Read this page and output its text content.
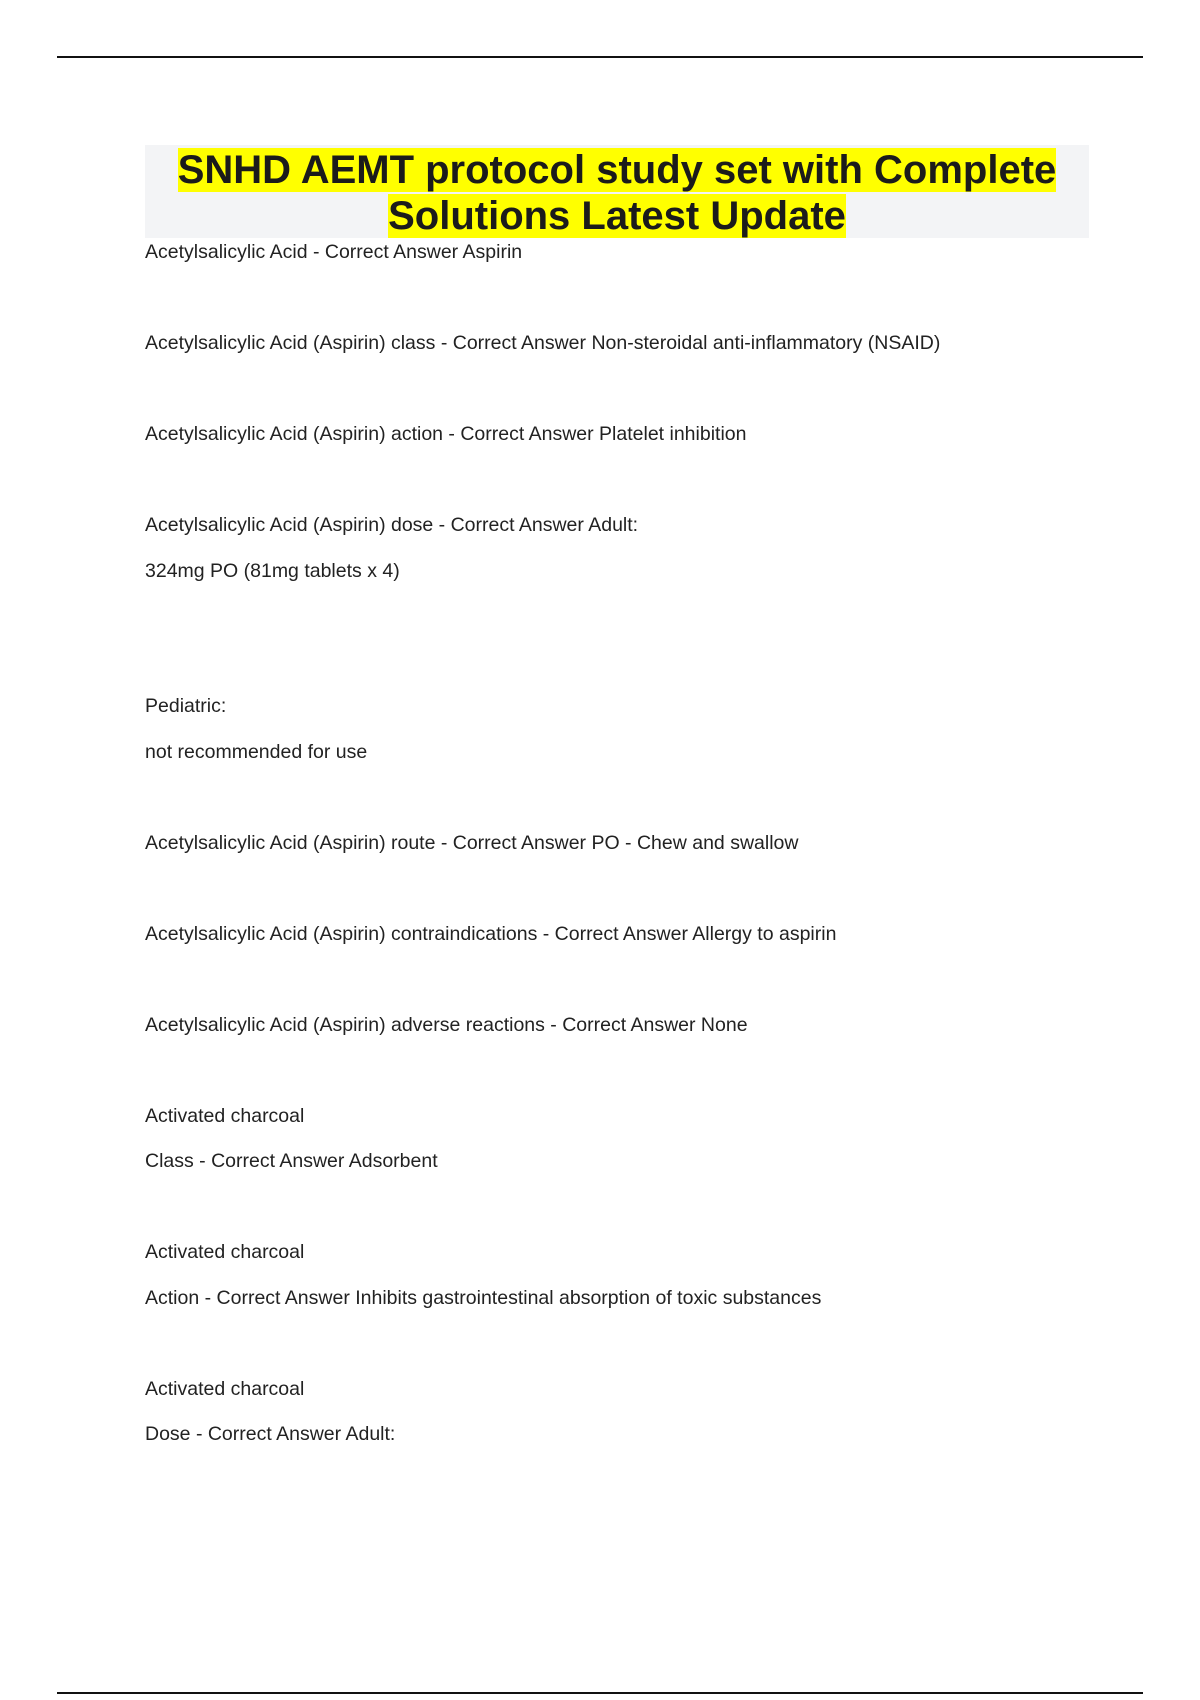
SNHD AEMT protocol study set with Complete
Solutions Latest Update

Acetylsalicylic Acid - Correct Answer Aspirin

Acetylsalicylic Acid (Aspirin) class - Correct Answer Non-steroidal anti-inflammatory (NSAID)

Acetylsalicylic Acid (Aspirin) action - Correct Answer Platelet inhibition

Acetylsalicylic Acid (Aspirin) dose - Correct Answer Adult:

324mg PO (81mg tablets x 4)

Pediatric:

not recommended for use

Acetylsalicylic Acid (Aspirin) route - Correct Answer PO - Chew and swallow

Acetylsalicylic Acid (Aspirin) contraindications - Correct Answer Allergy to aspirin

Acetylsalicylic Acid (Aspirin) adverse reactions - Correct Answer None

Activated charcoal

Class - Correct Answer Adsorbent

Activated charcoal

Action - Correct Answer Inhibits gastrointestinal absorption of toxic substances

Activated charcoal

Dose - Correct Answer Adult:
